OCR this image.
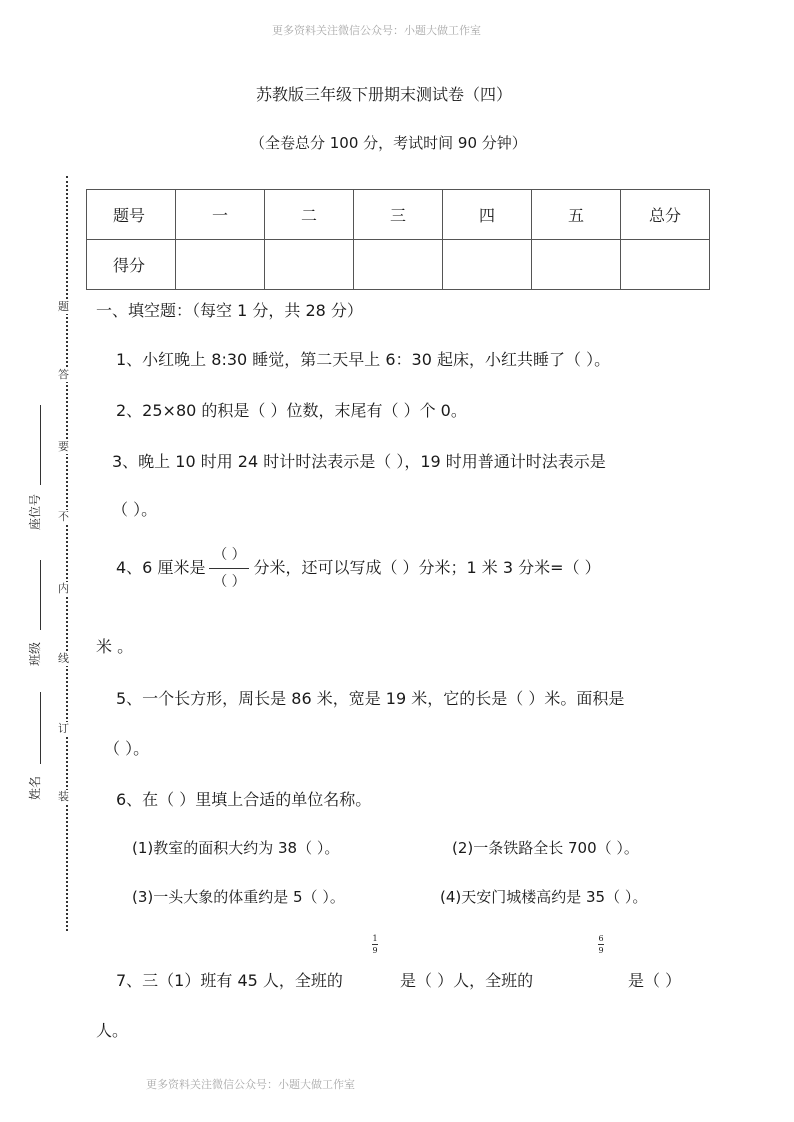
更多资料关注微信公众号：小题大做工作室
更多资料关注微信公众号：小题大做工作室
苏教版三年级下册期末测试卷（四）
（全卷总分 100 分，考试时间 90 分钟）
题号	一	二	三	四	五	总分
得分						
题
答
要
不
内
线
订
装
座位号
班级
姓名
一、填空题：（每空 1 分，共 28 分）
1、小红晚上 8:30 睡觉，第二天早上 6：30 起床，小红共睡了（ ）。
2、25×80 的积是（ ）位数，末尾有（ ）个 0。
3、晚上 10 时用 24 时计时法表示是（ ），19 时用普通计时法表示是
（ ）。
4、6 厘米是 $\frac{( )}{( )}$ 分米，还可以写成（ ）分米；1 米 3 分米=（ ）
米 。
5、一个长方形，周长是 86 米，宽是 19 米，它的长是（ ）米。面积是
（ ）。
6、在（ ）里填上合适的单位名称。
(1)教室的面积大约为 38（ ）。	(2)一条铁路全长 700（ ）。
(3)一头大象的体重约是 5（ ）。	(4)天安门城楼高约是 35（ ）。
1
9
6
9
7、三（1）班有 45 人，全班的	是（ ）人，全班的	是（ ）
人。
